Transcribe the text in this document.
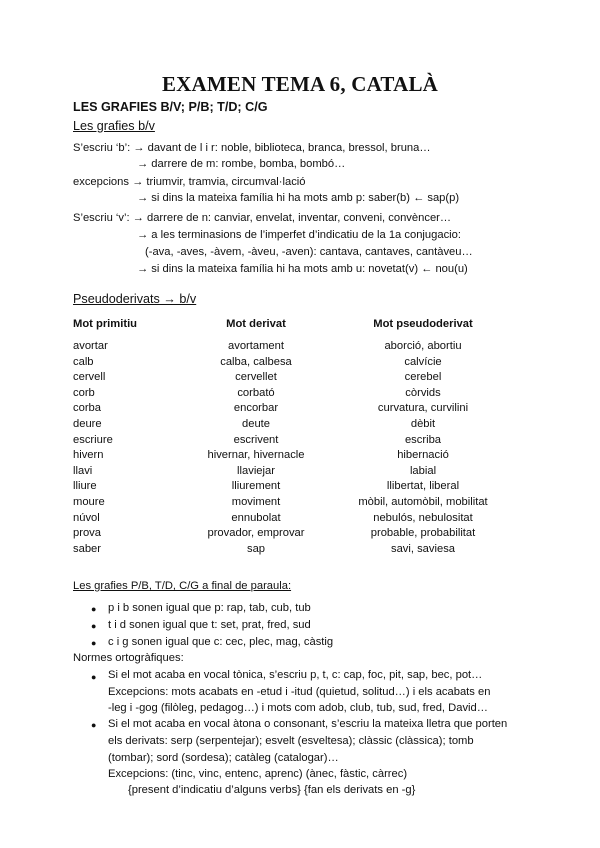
EXAMEN TEMA 6, CATALÀ
LES GRAFIES B/V; P/B; T/D; C/G
Les grafies b/v
S’escriu ‘b’: → davant de l i r: noble, biblioteca, branca, bressol, bruna…
→ darrere de m: rombe, bomba, bombó…
excepcions → triumvir, tramvia, circumval·lació
→ si dins la mateixa família hi ha mots amb p: saber(b) ← sap(p)
S’escriu ‘v’: → darrere de n: canviar, envelat, inventar, conveni, convèncer…
→ a les terminasions de l’imperfet d’indicatiu de la 1a conjugacio:
(-ava, -aves, -àvem, -àveu, -aven): cantava, cantaves, cantàveu…
→ si dins la mateixa família hi ha mots amb u: novetat(v) ← nou(u)
Pseudoderivats → b/v
Mot primitiu	Mot derivat	Mot pseudoderivat
avortar	avortament	aborció, abortiu
calb	calba, calbesa	calvície
cervell	cervellet	cerebel
corb	corbató	còrvids
corba	encorbar	curvatura, curvilini
deure	deute	dèbit
escriure	escrivent	escriba
hivern	hivernar, hivernacle	hibernació
llavi	llaviejar	labial
lliure	lliurement	llibertat, liberal
moure	moviment	mòbil, automòbil, mobilitat
núvol	ennubolat	nebulós, nebulositat
prova	provador, emprovar	probable, probabilitat
saber	sap	savi, saviesa
Les grafies P/B, T/D, C/G a final de paraula:
● p i b sonen igual que p: rap, tab, cub, tub
● t i d sonen igual que t: set, prat, fred, sud
● c i g sonen igual que c: cec, plec, mag, càstig
Normes ortogràfiques:
● Si el mot acaba en vocal tònica, s’escriu p, t, c: cap, foc, pit, sap, bec, pot…
Excepcions: mots acabats en -etud i -itud (quietud, solitud…) i els acabats en
-leg i -gog (filòleg, pedagog…) i mots com adob, club, tub, sud, fred, David…
● Si el mot acaba en vocal àtona o consonant, s’escriu la mateixa lletra que porten
els derivats: serp (serpentejar); esvelt (esveltesa); clàssic (clàssica); tomb
(tombar); sord (sordesa); catàleg (catalogar)…
Excepcions: (tinc, vinc, entenc, aprenc) (ànec, fàstic, càrrec)
{present d’indicatiu d’alguns verbs} {fan els derivats en -g}
